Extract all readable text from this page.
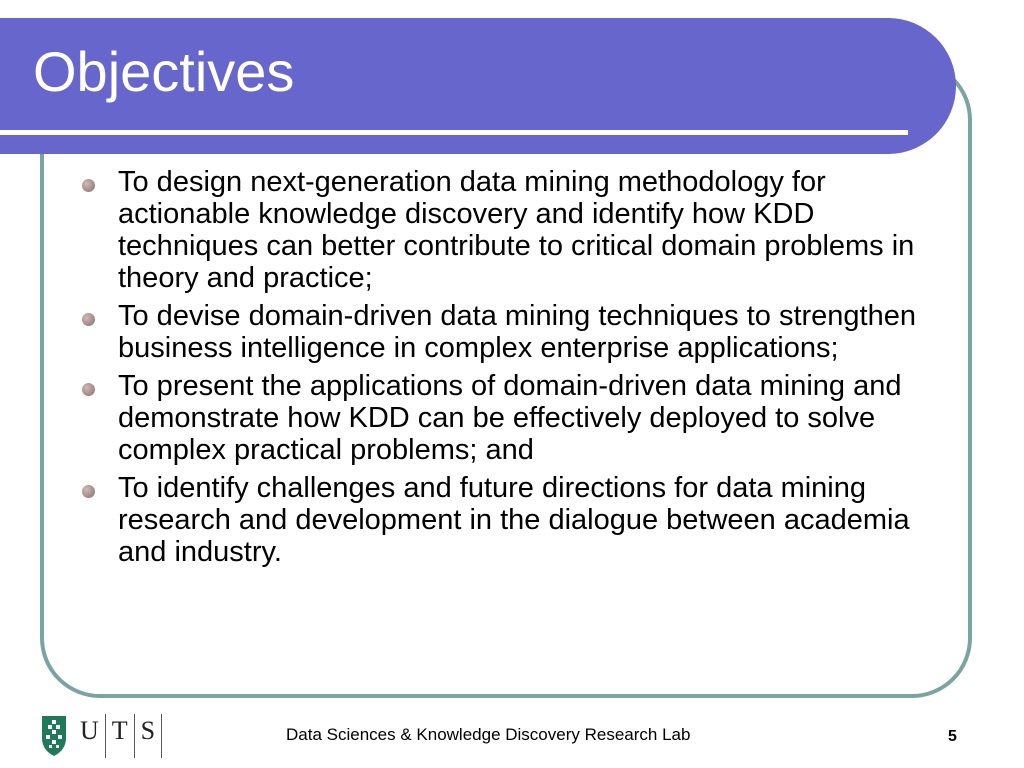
Objectives
To design next-generation data mining methodology for actionable knowledge discovery and identify how KDD techniques can better contribute to critical domain problems in theory and practice;
To devise domain-driven data mining techniques to strengthen business intelligence in complex enterprise applications;
To present the applications of domain-driven data mining and demonstrate how KDD can be effectively deployed to solve complex practical problems; and
To identify challenges and future directions for data mining research and development in the dialogue between academia and industry.
U T S	Data Sciences & Knowledge Discovery Research Lab	5
